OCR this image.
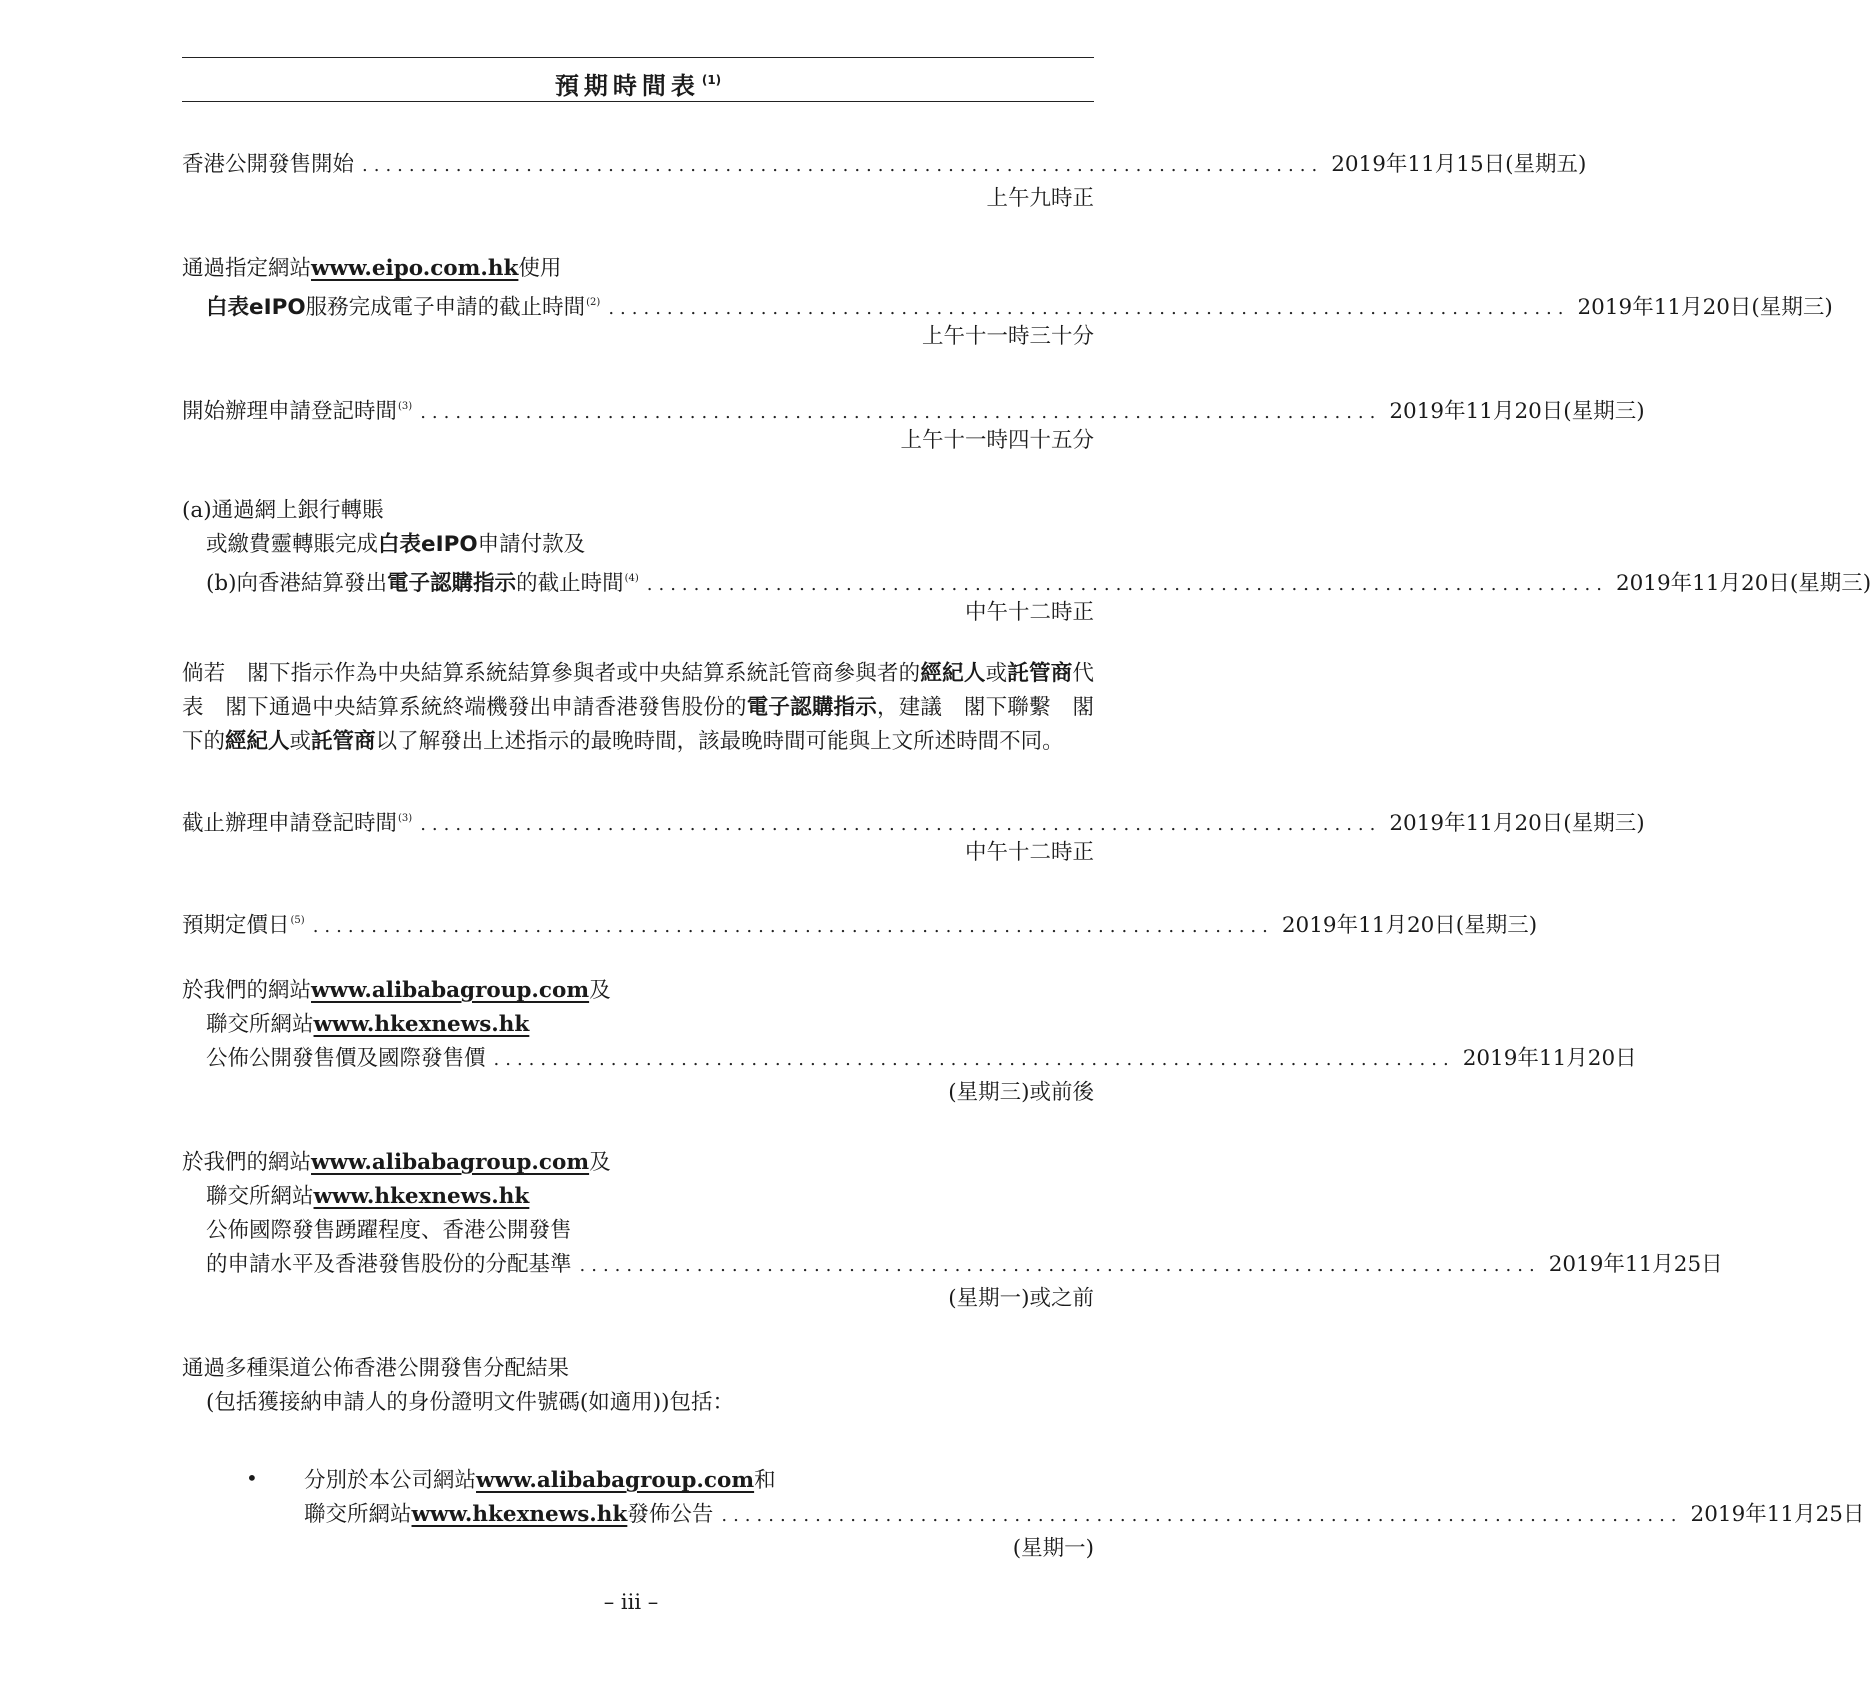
預期時間表 $^{(1)}$
香港公開發售開始 .................................................................................. 2019年11月15日(星期五)
上午九時正
通過指定網站 www.eipo.com.hk 使用
白表eIPO服務完成電子申請的截止時間$^{(2)}$ .................................................................................. 2019年11月20日(星期三)
上午十一時三十分
開始辦理申請登記時間$^{(3)}$ .................................................................................. 2019年11月20日(星期三)
上午十一時四十五分
(a)通過網上銀行轉賬
或繳費靈轉賬完成 白表eIPO 申請付款及
(b)向香港結算發出電子認購指示的截止時間$^{(4)}$ .................................................................................. 2019年11月20日(星期三)
中午十二時正
倘若　閣下指示作為中央結算系統結算參與者或中央結算系統託管商參與者的經紀人或託管商代表　閣下通過中央結算系統終端機發出申請香港發售股份的電子認購指示，建議　閣下聯繫　閣下的經紀人或託管商以了解發出上述指示的最晚時間，該最晚時間可能與上文所述時間不同。
截止辦理申請登記時間$^{(3)}$ .................................................................................. 2019年11月20日(星期三)
中午十二時正
預期定價日$^{(5)}$ .................................................................................. 2019年11月20日(星期三)
於我們的網站 www.alibabagroup.com 及
聯交所網站 www.hkexnews.hk
公佈公開發售價及國際發售價 .................................................................................. 2019年11月20日
(星期三)或前後
於我們的網站 www.alibabagroup.com 及
聯交所網站 www.hkexnews.hk
公佈國際發售踴躍程度、香港公開發售
的申請水平及香港發售股份的分配基準 .................................................................................. 2019年11月25日
(星期一)或之前
通過多種渠道公佈香港公開發售分配結果
(包括獲接納申請人的身份證明文件號碼(如適用))包括：
• 分別於本公司網站 www.alibabagroup.com 和
聯交所網站www.hkexnews.hk發佈公告 .................................................................................. 2019年11月25日
(星期一)
– iii –
